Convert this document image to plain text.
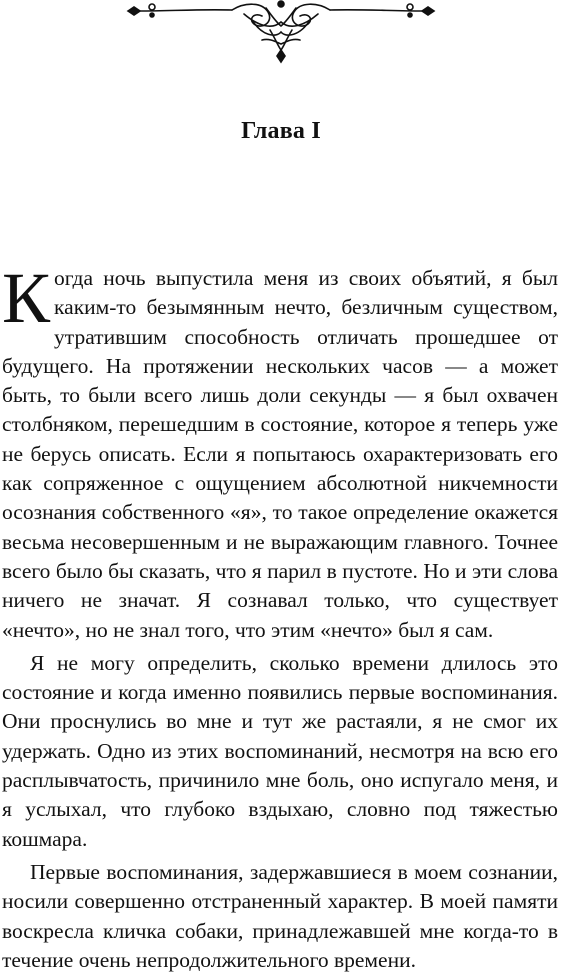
Глава I

Когда ночь выпустила меня из своих объятий, я был каким-то безымянным нечто, безличным существом, утратившим способность отличать прошедшее от будущего. На протяжении нескольких часов — а может быть, то были всего лишь доли секунды — я был охвачен столбняком, перешедшим в состояние, которое я теперь уже не берусь описать. Если я попытаюсь охарактеризовать его как сопряженное с ощущением абсолютной никчемности осознания собственного «я», то такое определение окажется весьма несовершенным и не выражающим главного. Точнее всего было бы сказать, что я парил в пустоте. Но и эти слова ничего не значат. Я сознавал только, что существует «нечто», но не знал того, что этим «нечто» был я сам.

Я не могу определить, сколько времени длилось это состояние и когда именно появились первые воспоминания. Они проснулись во мне и тут же растаяли, я не смог их удержать. Одно из этих воспоминаний, несмотря на всю его расплывчатость, причинило мне боль, оно испугало меня, и я услыхал, что глубоко вздыхаю, словно под тяжестью кошмара.

Первые воспоминания, задержавшиеся в моем сознании, носили совершенно отстраненный характер. В моей памяти воскресла кличка собаки, принадлежавшей мне когда-то в течение очень непродолжительного времени.
